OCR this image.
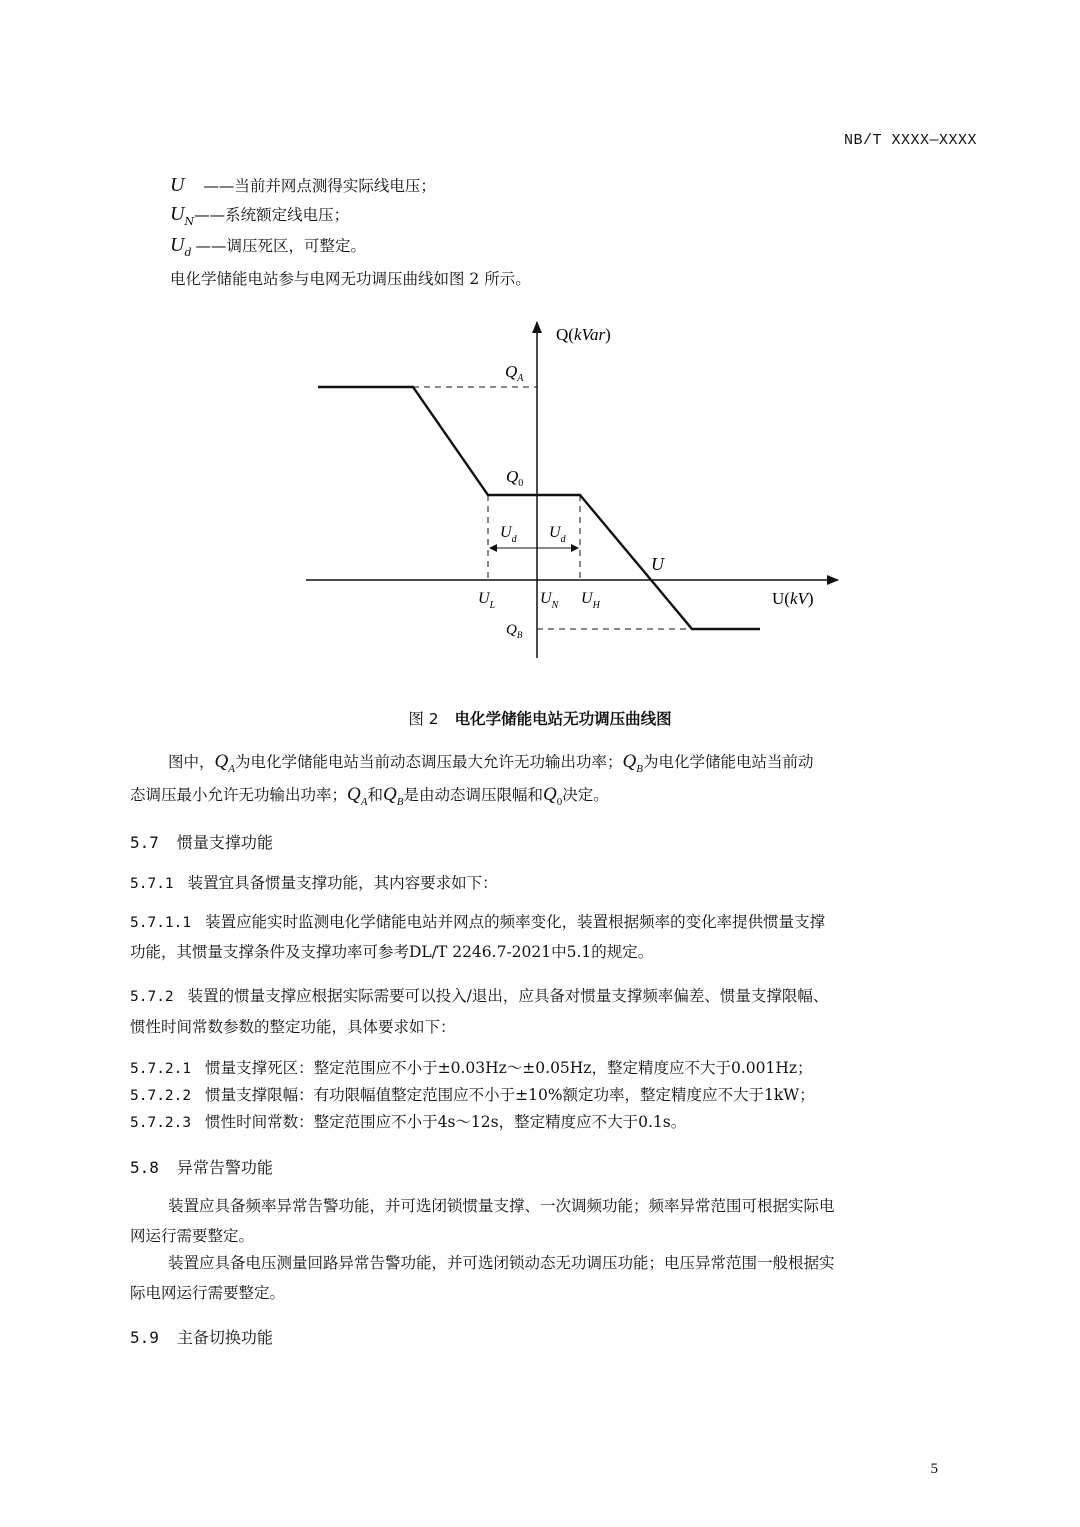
NB/T XXXX—XXXX
U ——当前并网点测得实际线电压；
$U_N——$系统额定线电压；
$U_d$ ——调压死区，可整定。
电化学储能电站参与电网无功调压曲线如图 2 所示。
Q(kVar)
U(kV)
$Q_A$
$Q_0$
$Q_B$
$U_d$ $U_d$
U
$U_L$	$U_N$ $U_H$
图 2 电化学储能电站无功调压曲线图
图中，$Q_A$为电化学储能电站当前动态调压最大允许无功输出功率；$Q_B$为电化学储能电站当前动
态调压最小允许无功输出功率；$Q_A$和$Q_B$是由动态调压限幅和$Q_0$决定。
5.7 惯量支撑功能
5.7.1 装置宜具备惯量支撑功能，其内容要求如下：
5.7.1.1 装置应能实时监测电化学储能电站并网点的频率变化，装置根据频率的变化率提供惯量支撑
功能，其惯量支撑条件及支撑功率可参考DL/T 2246.7-2021中5.1的规定。
5.7.2 装置的惯量支撑应根据实际需要可以投入/退出，应具备对惯量支撑频率偏差、惯量支撑限幅、
惯性时间常数参数的整定功能，具体要求如下：
5.7.2.1 惯量支撑死区：整定范围应不小于±0.03Hz～±0.05Hz，整定精度应不大于0.001Hz；
5.7.2.2 惯量支撑限幅：有功限幅值整定范围应不小于±10%额定功率，整定精度应不大于1kW；
5.7.2.3 惯性时间常数：整定范围应不小于4s～12s，整定精度应不大于0.1s。
5.8 异常告警功能
装置应具备频率异常告警功能，并可选闭锁惯量支撑、一次调频功能；频率异常范围可根据实际电
网运行需要整定。
装置应具备电压测量回路异常告警功能，并可选闭锁动态无功调压功能；电压异常范围一般根据实
际电网运行需要整定。
5.9 主备切换功能
5
